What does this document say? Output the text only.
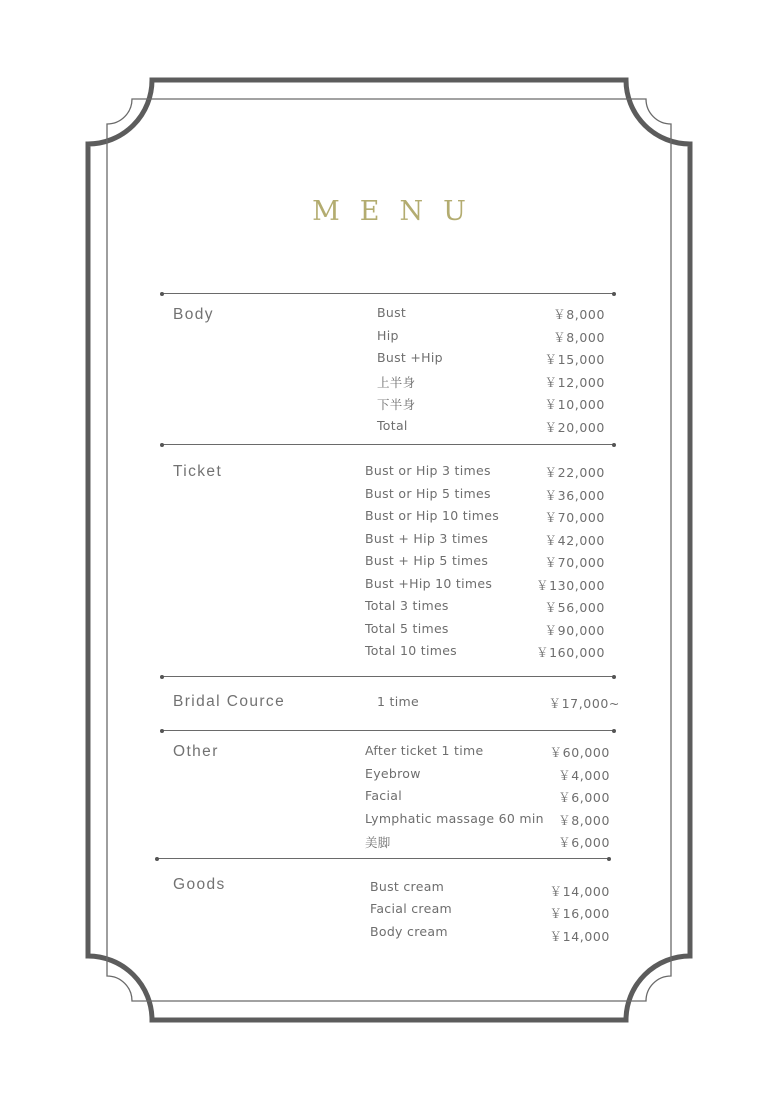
MENU
Body	Bust	￥8,000
Hip	￥8,000
Bust +Hip	￥15,000
上半身	￥12,000
下半身	￥10,000
Total	￥20,000
Ticket	Bust or Hip 3 times	￥22,000
Bust or Hip 5 times	￥36,000
Bust or Hip 10 times	￥70,000
Bust + Hip 3 times	￥42,000
Bust + Hip 5 times	￥70,000
Bust +Hip 10 times	￥130,000
Total 3 times	￥56,000
Total 5 times	￥90,000
Total 10 times	￥160,000
Bridal Cource	1 time	￥17,000~
Other	After ticket 1 time	￥60,000
Eyebrow	￥4,000
Facial	￥6,000
Lymphatic massage 60 min ￥8,000
美脚	￥6,000
Goods	Bust cream	￥14,000
Facial cream	￥16,000
Body cream	￥14,000
